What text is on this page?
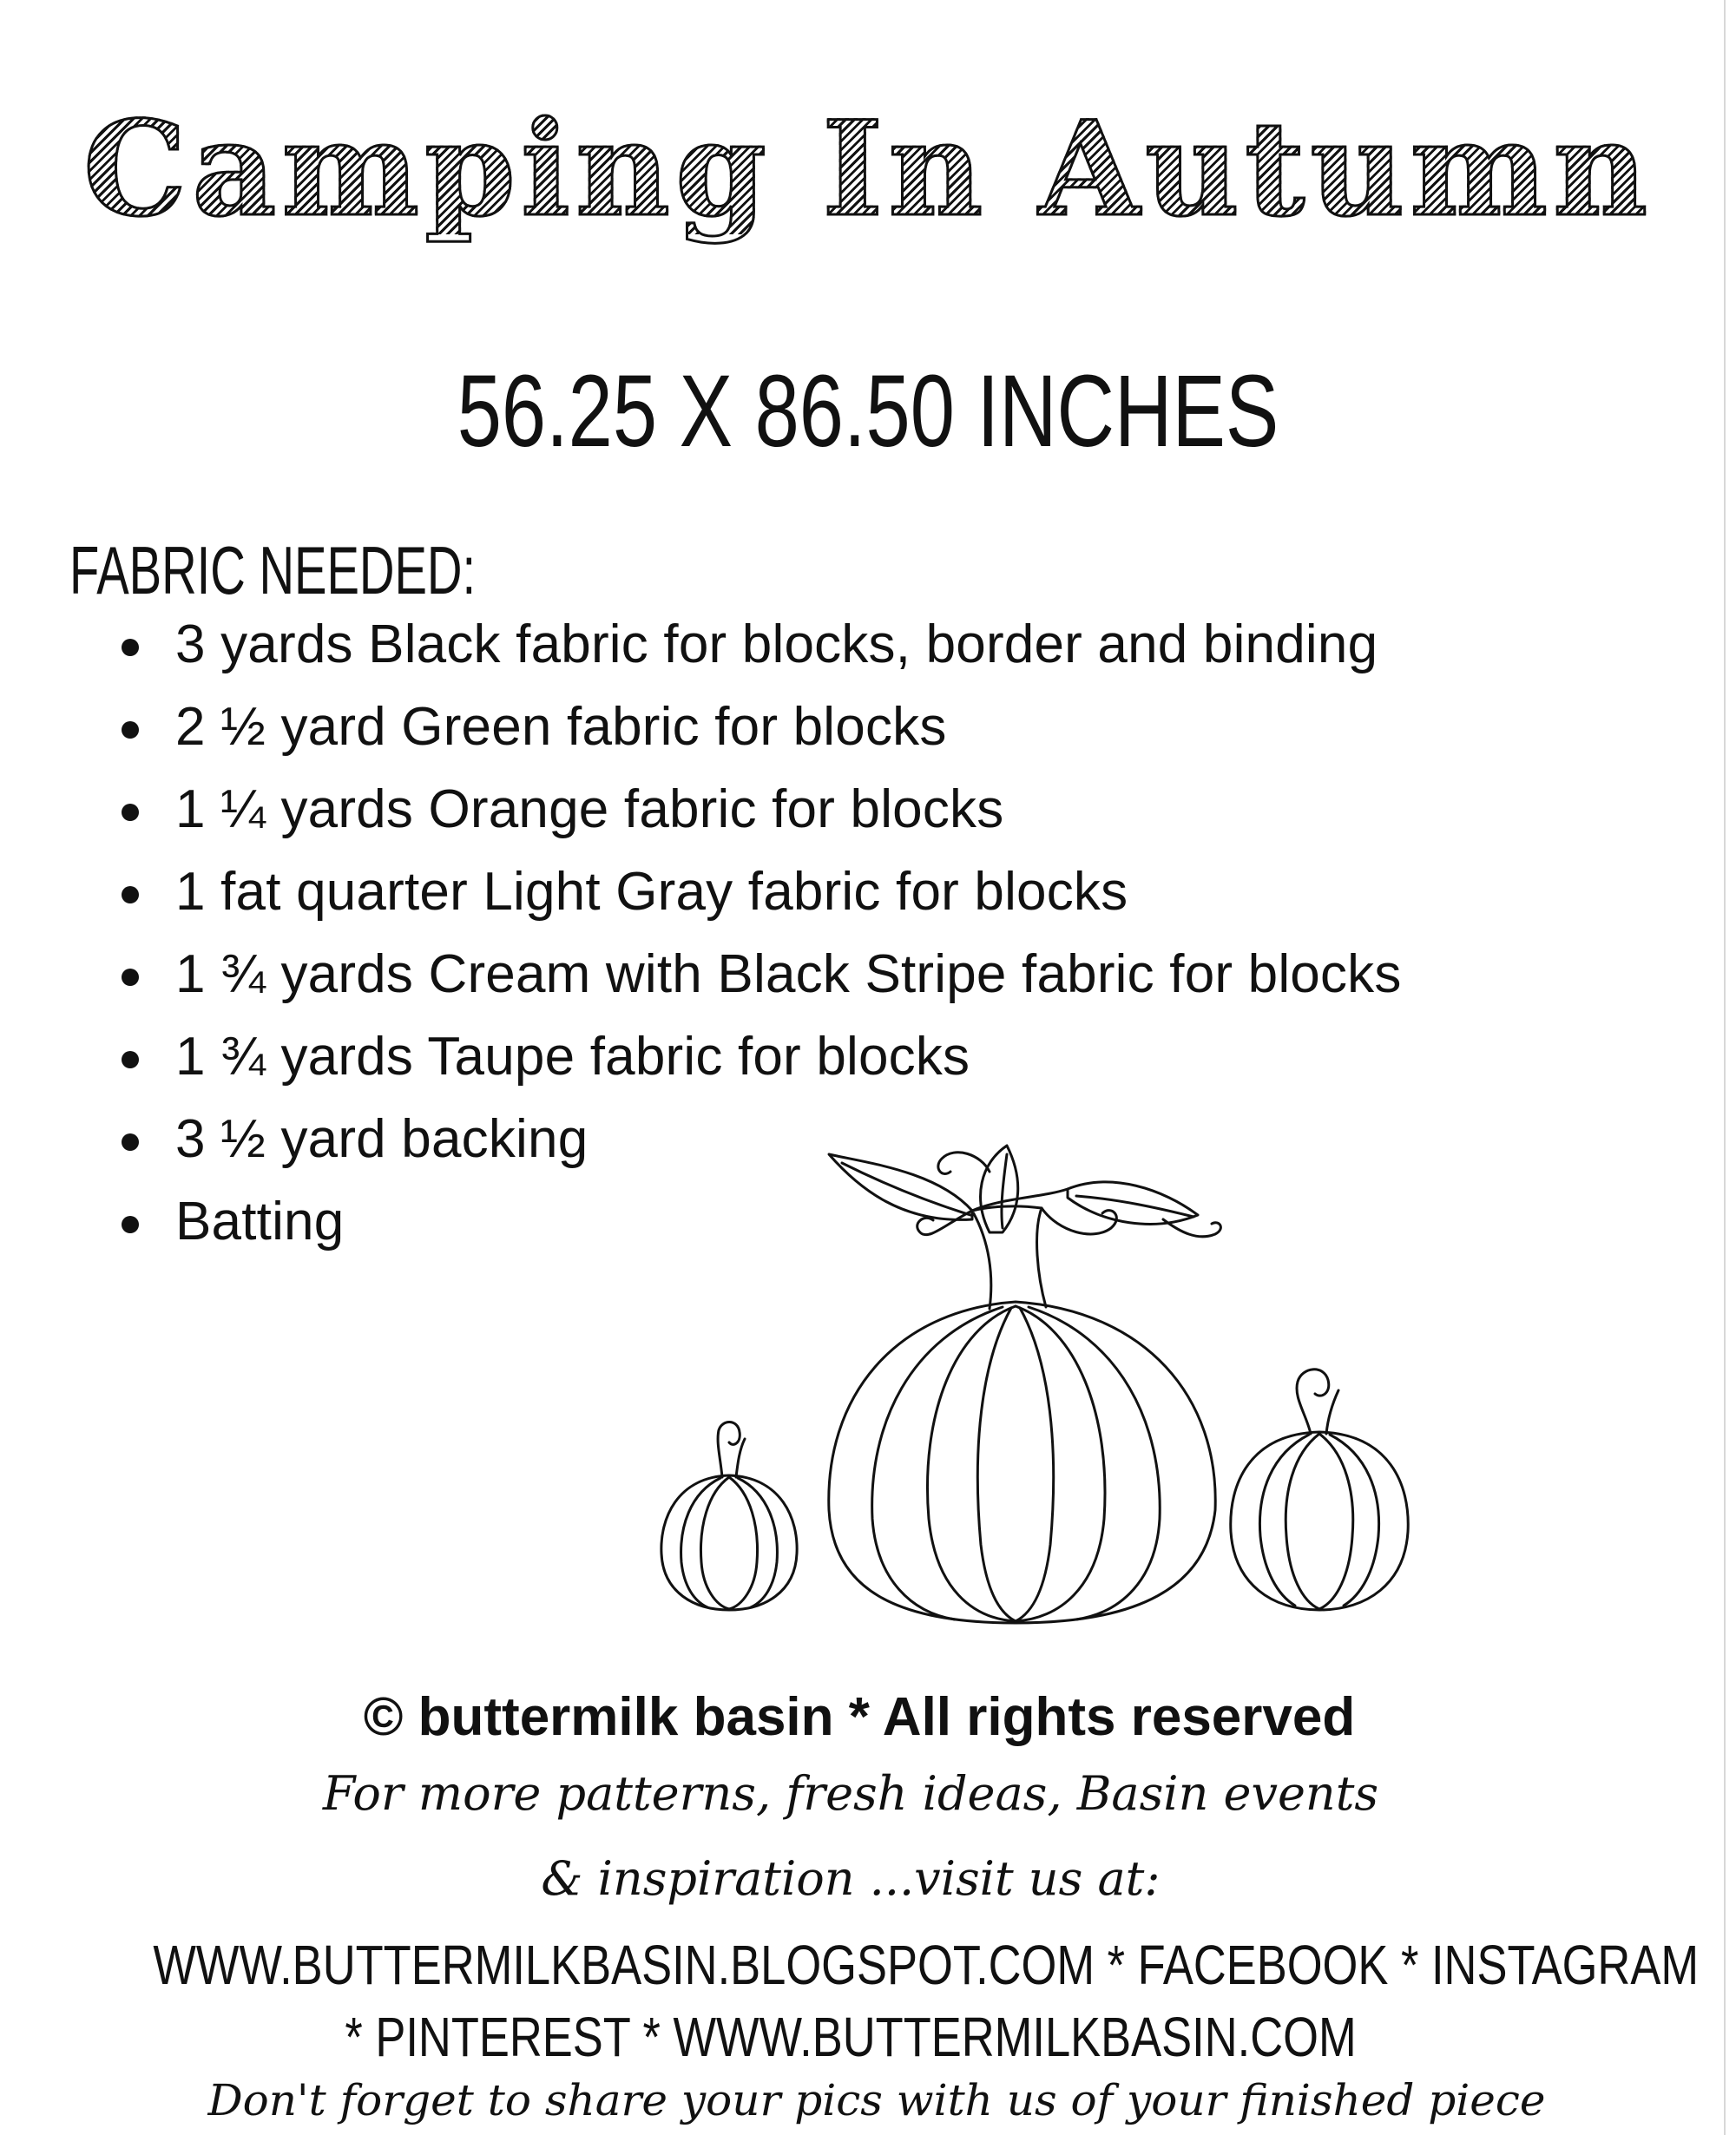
Camping In Autumn
56.25 X 86.50 INCHES
FABRIC NEEDED:
3 yards Black fabric for blocks, border and binding
2 ½ yard Green fabric for blocks
1 ¼ yards Orange fabric for blocks
1 fat quarter Light Gray fabric for blocks
1 ¾ yards Cream with Black Stripe fabric for blocks
1 ¾ yards Taupe fabric for blocks
3 ½ yard backing
Batting
© buttermilk basin * All rights reserved
For more patterns, fresh ideas, Basin events
& inspiration ...visit us at:
WWW.BUTTERMILKBASIN.BLOGSPOT.COM * FACEBOOK * INSTAGRAM
* PINTEREST * WWW.BUTTERMILKBASIN.COM
Don't forget to share your pics with us of your finished piece
